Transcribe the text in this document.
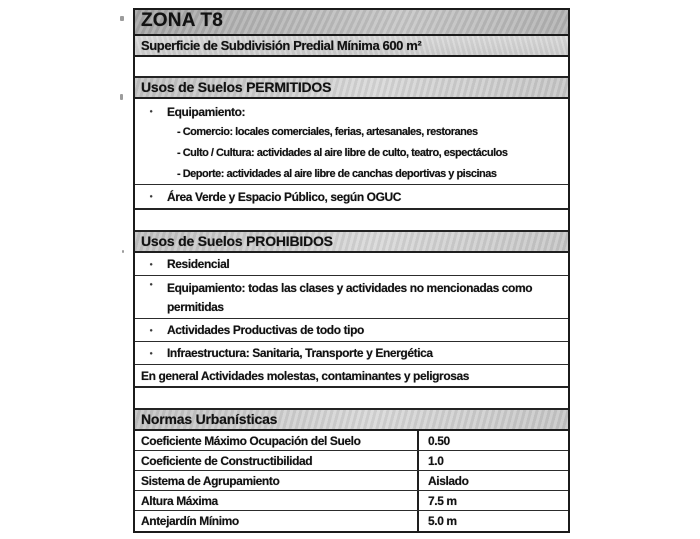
ZONA T8
Superficie de Subdivisión Predial Mínima 600 m²
Usos de Suelos PERMITIDOS
•	Equipamiento:
- Comercio: locales comerciales, ferias, artesanales, restoranes
- Culto / Cultura: actividades al aire libre de culto, teatro, espectáculos
- Deporte: actividades al aire libre de canchas deportivas y piscinas
•	Área Verde y Espacio Público, según OGUC
Usos de Suelos PROHIBIDOS
•	Residencial
•	Equipamiento: todas las clases y actividades no mencionadas como permitidas
•	Actividades Productivas de todo tipo
•	Infraestructura: Sanitaria, Transporte y Energética
En general Actividades molestas, contaminantes y peligrosas
Normas Urbanísticas
Coeficiente Máximo Ocupación del Suelo	0.50
Coeficiente de Constructibilidad	1.0
Sistema de Agrupamiento	Aislado
Altura Máxima	7.5 m
Antejardín Mínimo	5.0 m
